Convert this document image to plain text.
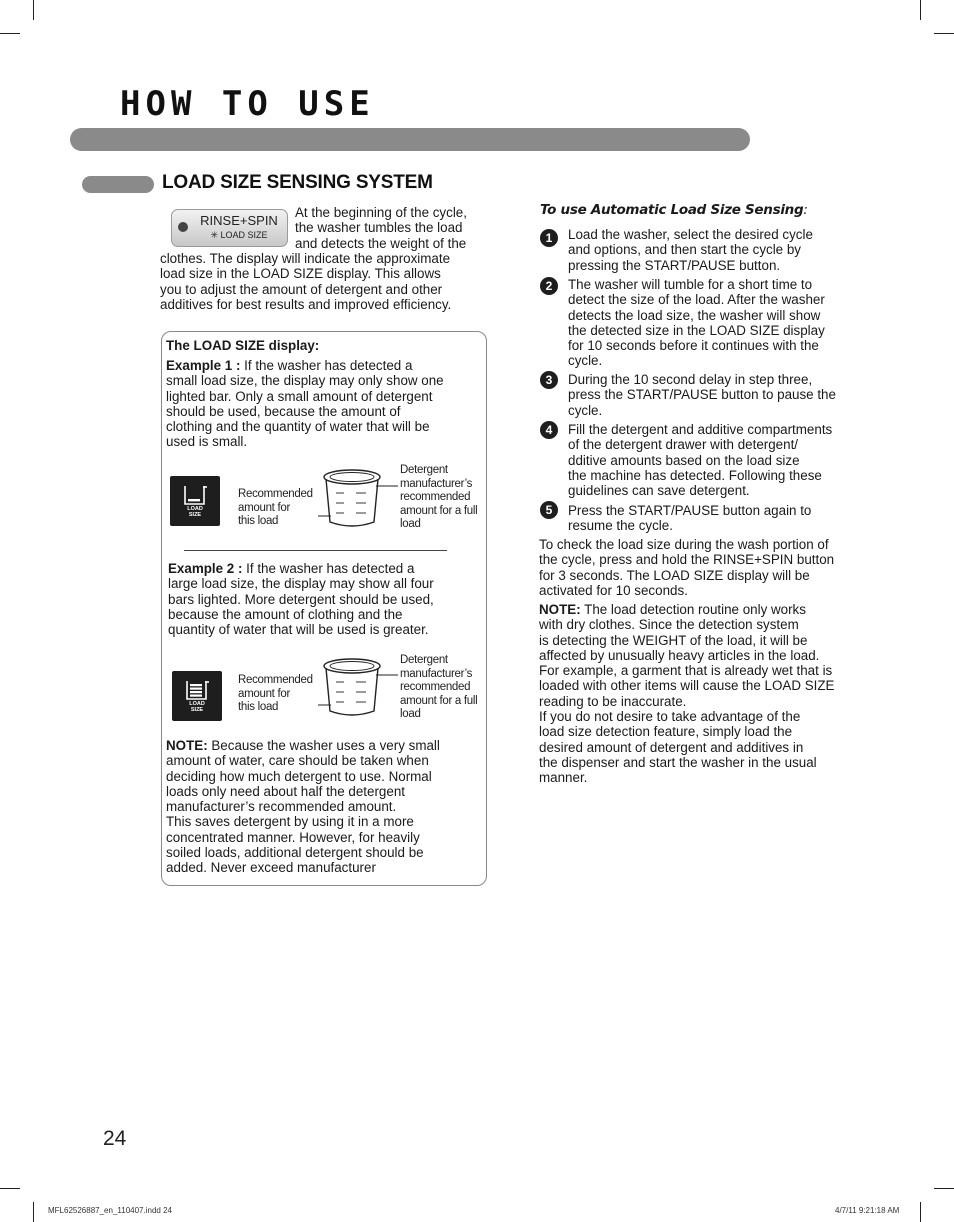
HOW TO USE
LOAD SIZE SENSING SYSTEM
RINSE+SPIN
✳ LOAD SIZE
At the beginning of the cycle,
the washer tumbles the load
and detects the weight of the
clothes. The display will indicate the approximate
load size in the LOAD SIZE display. This allows
you to adjust the amount of detergent and other
additives for best results and improved efficiency.
The LOAD SIZE display:
Example 1 : If the washer has detected a
small load size, the display may only show one
lighted bar. Only a small amount of detergent
should be used, because the amount of
clothing and the quantity of water that will be
used is small.
LOAD
SIZE
Recommended
amount for
this load
Detergent
manufacturer’s
recommended
amount for a full
load
Example 2 : If the washer has detected a
large load size, the display may show all four
bars lighted. More detergent should be used,
because the amount of clothing and the
quantity of water that will be used is greater.
LOAD
SIZE
Recommended
amount for
this load
Detergent
manufacturer’s
recommended
amount for a full
load
NOTE: Because the washer uses a very small
amount of water, care should be taken when
deciding how much detergent to use. Normal
loads only need about half the detergent
manufacturer’s recommended amount.
This saves detergent by using it in a more
concentrated manner. However, for heavily
soiled loads, additional detergent should be
added. Never exceed manufacturer
To use Automatic Load Size Sensing:
1	Load the washer, select the desired cycle
and options, and then start the cycle by
pressing the START/PAUSE button.
2	The washer will tumble for a short time to
detect the size of the load. After the washer
detects the load size, the washer will show
the detected size in the LOAD SIZE display
for 10 seconds before it continues with the
cycle.
3	During the 10 second delay in step three,
press the START/PAUSE button to pause the
cycle.
4	Fill the detergent and additive compartments
of the detergent drawer with detergent/
dditive amounts based on the load size
the machine has detected. Following these
guidelines can save detergent.
5	Press the START/PAUSE button again to
resume the cycle.
To check the load size during the wash portion of
the cycle, press and hold the RINSE+SPIN button
for 3 seconds. The LOAD SIZE display will be
activated for 10 seconds.
NOTE: The load detection routine only works
with dry clothes. Since the detection system
is detecting the WEIGHT of the load, it will be
affected by unusually heavy articles in the load.
For example, a garment that is already wet that is
loaded with other items will cause the LOAD SIZE
reading to be inaccurate.
If you do not desire to take advantage of the
load size detection feature, simply load the
desired amount of detergent and additives in
the dispenser and start the washer in the usual
manner.
24
MFL62526887_en_110407.indd 24	4/7/11 9:21:18 AM
